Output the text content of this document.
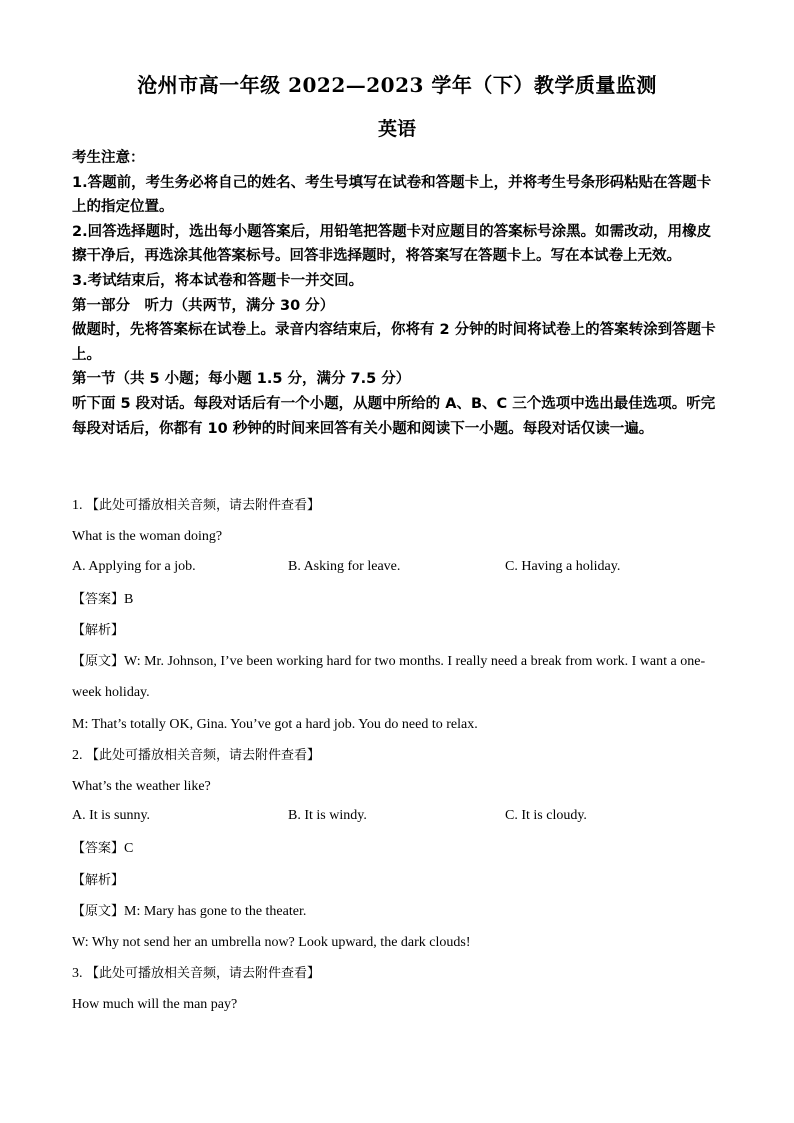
沧州市高一年级 2022—2023 学年（下）教学质量监测
英语

考生注意：

1.答题前，考生务必将自己的姓名、考生号填写在试卷和答题卡上，并将考生号条形码粘贴在答题卡上的指定位置。

2.回答选择题时，选出每小题答案后，用铅笔把答题卡对应题目的答案标号涂黑。如需改动，用橡皮擦干净后，再选涂其他答案标号。回答非选择题时，将答案写在答题卡上。写在本试卷上无效。

3.考试结束后，将本试卷和答题卡一并交回。

第一部分　听力（共两节，满分 30 分）

做题时，先将答案标在试卷上。录音内容结束后，你将有 2 分钟的时间将试卷上的答案转涂到答题卡上。

第一节（共 5 小题；每小题 1.5 分，满分 7.5 分）

听下面 5 段对话。每段对话后有一个小题，从题中所给的 A、B、C 三个选项中选出最佳选项。听完每段对话后，你都有 10 秒钟的时间来回答有关小题和阅读下一小题。每段对话仅读一遍。

1. 【此处可播放相关音频，请去附件查看】
What is the woman doing?
A. Applying for a job.	B. Asking for leave.	C. Having a holiday.
【答案】B
【解析】
【原文】W: Mr. Johnson, I’ve been working hard for two months. I really need a break from work. I want a one-week holiday.
M: That’s totally OK, Gina. You’ve got a hard job. You do need to relax.
2. 【此处可播放相关音频，请去附件查看】
What’s the weather like?
A. It is sunny.	B. It is windy.	C. It is cloudy.
【答案】C
【解析】
【原文】M: Mary has gone to the theater.
W: Why not send her an umbrella now? Look upward, the dark clouds!
3. 【此处可播放相关音频，请去附件查看】
How much will the man pay?
